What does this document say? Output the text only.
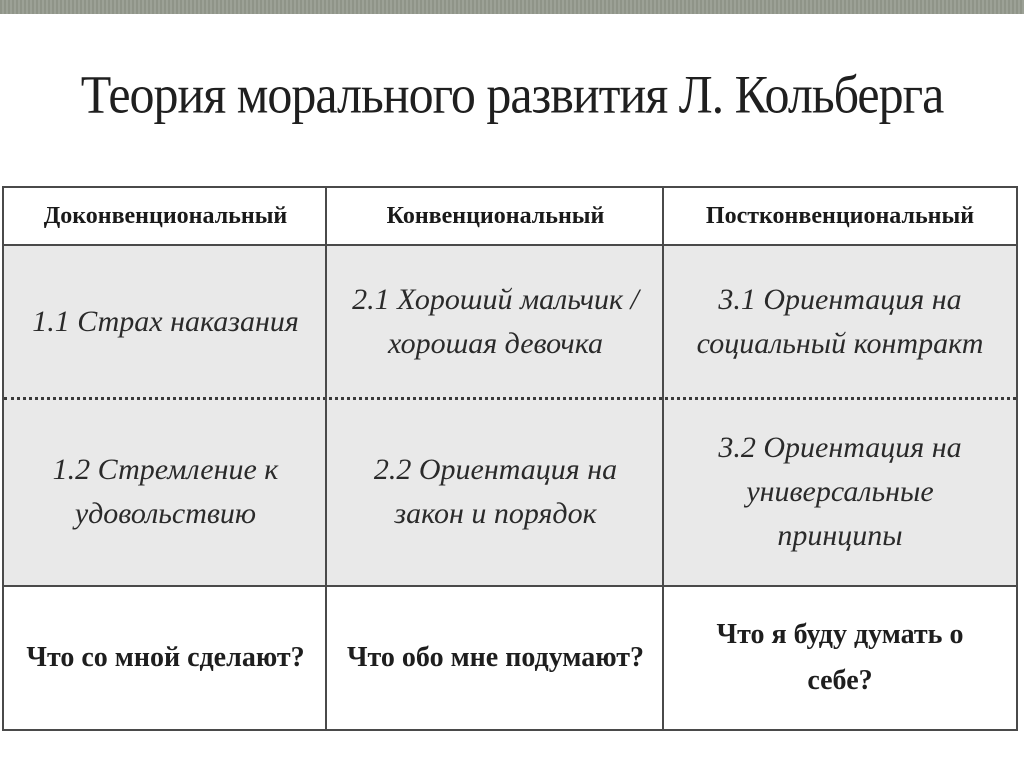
Теория морального развития Л. Кольберга
Доконвенциональный	Конвенциональный	Постконвенциональный
1.1 Страх наказания
2.1 Хороший мальчик / хорошая девочка
3.1 Ориентация на социальный контракт
1.2 Стремление к удовольствию
2.2 Ориентация на закон и порядок
3.2 Ориентация на универсальные принципы
Что со мной сделают? Что обо мне подумают?
Что я буду думать о себе?
